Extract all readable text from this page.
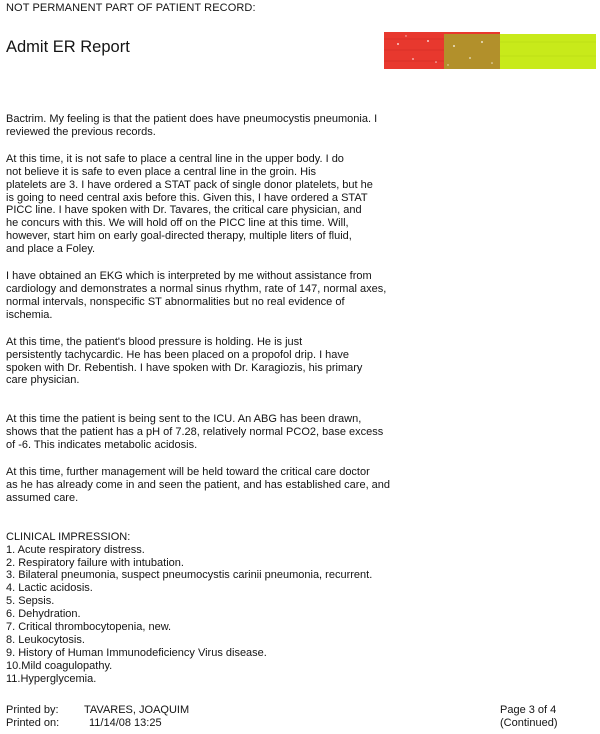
NOT PERMANENT PART OF PATIENT RECORD:
Admit ER Report

Bactrim. My feeling is that the patient does have pneumocystis pneumonia. I
reviewed the previous records.

At this time, it is not safe to place a central line in the upper body. I do
not believe it is safe to even place a central line in the groin. His
platelets are 3. I have ordered a STAT pack of single donor platelets, but he
is going to need central axis before this. Given this, I have ordered a STAT
PICC line. I have spoken with Dr. Tavares, the critical care physician, and
he concurs with this. We will hold off on the PICC line at this time. Will,
however, start him on early goal-directed therapy, multiple liters of fluid,
and place a Foley.

I have obtained an EKG which is interpreted by me without assistance from
cardiology and demonstrates a normal sinus rhythm, rate of 147, normal axes,
normal intervals, nonspecific ST abnormalities but no real evidence of
ischemia.

At this time, the patient's blood pressure is holding. He is just
persistently tachycardic. He has been placed on a propofol drip. I have
spoken with Dr. Rebentish. I have spoken with Dr. Karagiozis, his primary
care physician.

At this time the patient is being sent to the ICU. An ABG has been drawn,
shows that the patient has a pH of 7.28, relatively normal PCO2, base excess
of -6. This indicates metabolic acidosis.

At this time, further management will be held toward the critical care doctor
as he has already come in and seen the patient, and has established care, and
assumed care.

CLINICAL IMPRESSION:

1. Acute respiratory distress.
2. Respiratory failure with intubation.
3. Bilateral pneumonia, suspect pneumocystis carinii pneumonia, recurrent.
4. Lactic acidosis.
5. Sepsis.
6. Dehydration.
7. Critical thrombocytopenia, new.
8. Leukocytosis.
9. History of Human Immunodeficiency Virus disease.
10.Mild coagulopathy.
11.Hyperglycemia.
Printed by: TAVARES, JOAQUIM
Printed on:	11/14/08 13:25
Page 3 of 4
(Continued)
